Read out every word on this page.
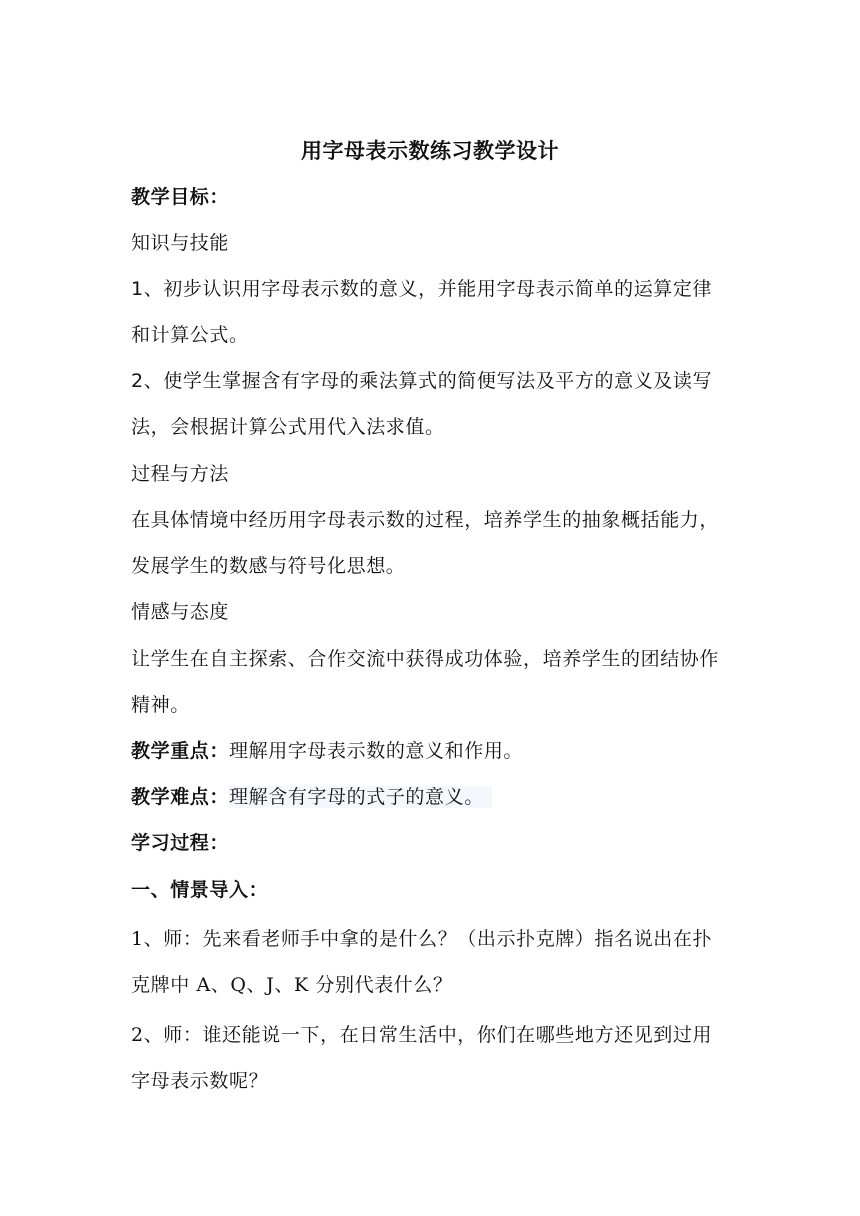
用字母表示数练习教学设计
教学目标：
知识与技能
1、初步认识用字母表示数的意义，并能用字母表示简单的运算定律
和计算公式。
2、使学生掌握含有字母的乘法算式的简便写法及平方的意义及读写
法，会根据计算公式用代入法求值。
过程与方法
在具体情境中经历用字母表示数的过程，培养学生的抽象概括能力，
发展学生的数感与符号化思想。
情感与态度
让学生在自主探索、合作交流中获得成功体验，培养学生的团结协作
精神。
教学重点：理解用字母表示数的意义和作用。
教学难点：理解含有字母的式子的意义。
学习过程：
一、情景导入：
1、师：先来看老师手中拿的是什么？（出示扑克牌）指名说出在扑
克牌中 A、Q、J、K 分别代表什么？
2、师：谁还能说一下，在日常生活中，你们在哪些地方还见到过用
字母表示数呢？
